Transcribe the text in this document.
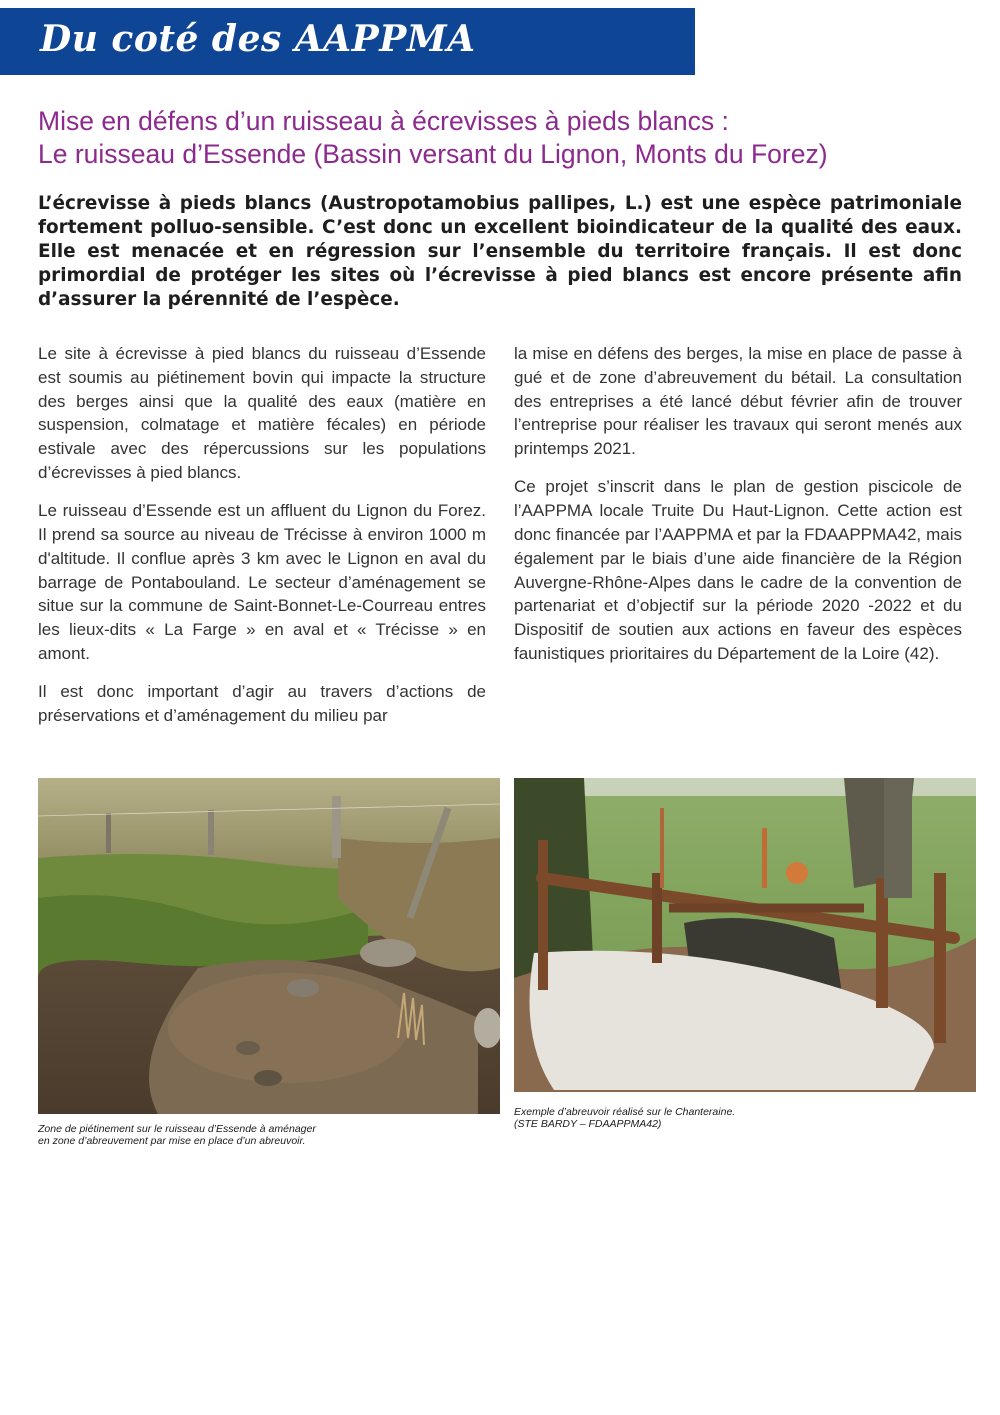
Du coté des AAPPMA
Mise en défens d’un ruisseau à écrevisses à pieds blancs :
Le ruisseau d’Essende (Bassin versant du Lignon, Monts du Forez)
L’écrevisse à pieds blancs (Austropotamobius pallipes, L.) est une espèce patrimoniale fortement polluo-sensible. C’est donc un excellent bioindicateur de la qualité des eaux. Elle est menacée et en régression sur l’ensemble du territoire français. Il est donc primordial de protéger les sites où l’écrevisse à pied blancs est encore présente afin d’assurer la pérennité de l’espèce.

Le site à écrevisse à pied blancs du ruisseau d’Essende est soumis au piétinement bovin qui impacte la structure des berges ainsi que la qualité des eaux (matière en suspension, colmatage et matière fécales) en période estivale avec des répercussions sur les populations d’écrevisses à pied blancs.

Le ruisseau d’Essende est un affluent du Lignon du Forez. Il prend sa source au niveau de Trécisse à environ 1000 m d'altitude. Il conflue après 3 km avec le Lignon en aval du barrage de Pontabouland. Le secteur d’aménagement se situe sur la commune de Saint-Bonnet-Le-Courreau entres les lieux-dits « La Farge » en aval et « Trécisse » en amont.

Il est donc important d’agir au travers d’actions de préservations et d’aménagement du milieu par

la mise en défens des berges, la mise en place de passe à gué et de zone d’abreuvement du bétail. La consultation des entreprises a été lancé début février afin de trouver l’entreprise pour réaliser les travaux qui seront menés aux printemps 2021.

Ce projet s’inscrit dans le plan de gestion piscicole de l’AAPPMA locale Truite Du Haut-Lignon. Cette action est donc financée par l’AAPPMA et par la FDAAPPMA42, mais également par le biais d’une aide financière de la Région Auvergne-Rhône-Alpes dans le cadre de la convention de partenariat et d’objectif sur la période 2020 -2022 et du Dispositif de soutien aux actions en faveur des espèces faunistiques prioritaires du Département de la Loire (42).

Zone de piétinement sur le ruisseau d’Essende à aménager
en zone d’abreuvement par mise en place d’un abreuvoir.
Exemple d’abreuvoir réalisé sur le Chanteraine.
(STE BARDY – FDAAPPMA42)
